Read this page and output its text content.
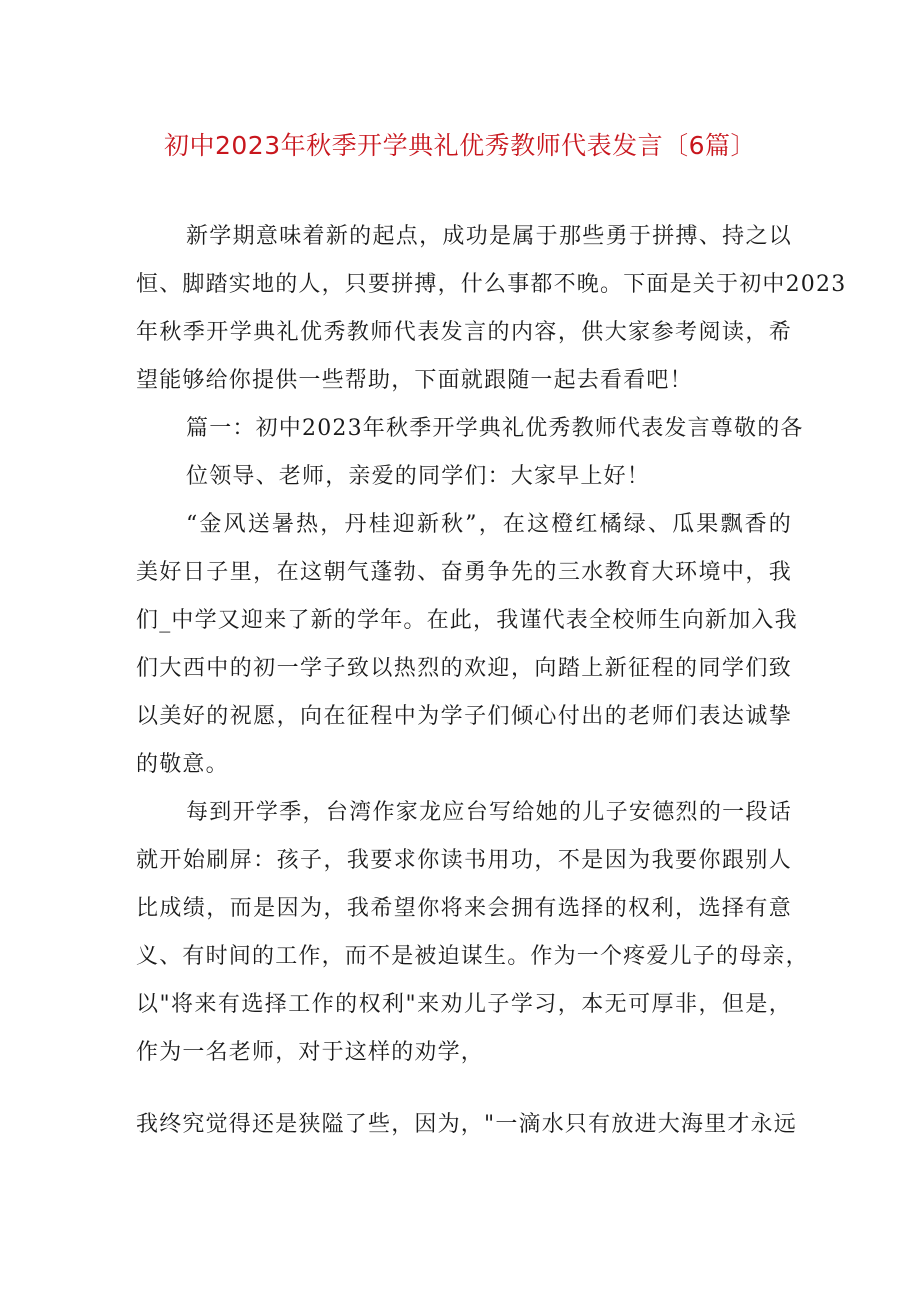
初中2023年秋季开学典礼优秀教师代表发言〔6篇〕
新学期意味着新的起点，成功是属于那些勇于拼搏、持之以
恒、脚踏实地的人，只要拼搏，什么事都不晚。下面是关于初中2023
年秋季开学典礼优秀教师代表发言的内容，供大家参考阅读，希
望能够给你提供一些帮助，下面就跟随一起去看看吧！
篇一：初中2023年秋季开学典礼优秀教师代表发言尊敬的各
位领导、老师，亲爱的同学们：大家早上好！
“金风送暑热，丹桂迎新秋”，在这橙红橘绿、瓜果飘香的
美好日子里，在这朝气蓬勃、奋勇争先的三水教育大环境中，我
们_中学又迎来了新的学年。在此，我谨代表全校师生向新加入我
们大西中的初一学子致以热烈的欢迎，向踏上新征程的同学们致
以美好的祝愿，向在征程中为学子们倾心付出的老师们表达诚挚
的敬意。
每到开学季，台湾作家龙应台写给她的儿子安德烈的一段话
就开始刷屏：孩子，我要求你读书用功，不是因为我要你跟别人
比成绩，而是因为，我希望你将来会拥有选择的权利，选择有意
义、有时间的工作，而不是被迫谋生。作为一个疼爱儿子的母亲，
以"将来有选择工作的权利"来劝儿子学习，本无可厚非，但是，
作为一名老师，对于这样的劝学，
我终究觉得还是狭隘了些，因为，"一滴水只有放进大海里才永远
